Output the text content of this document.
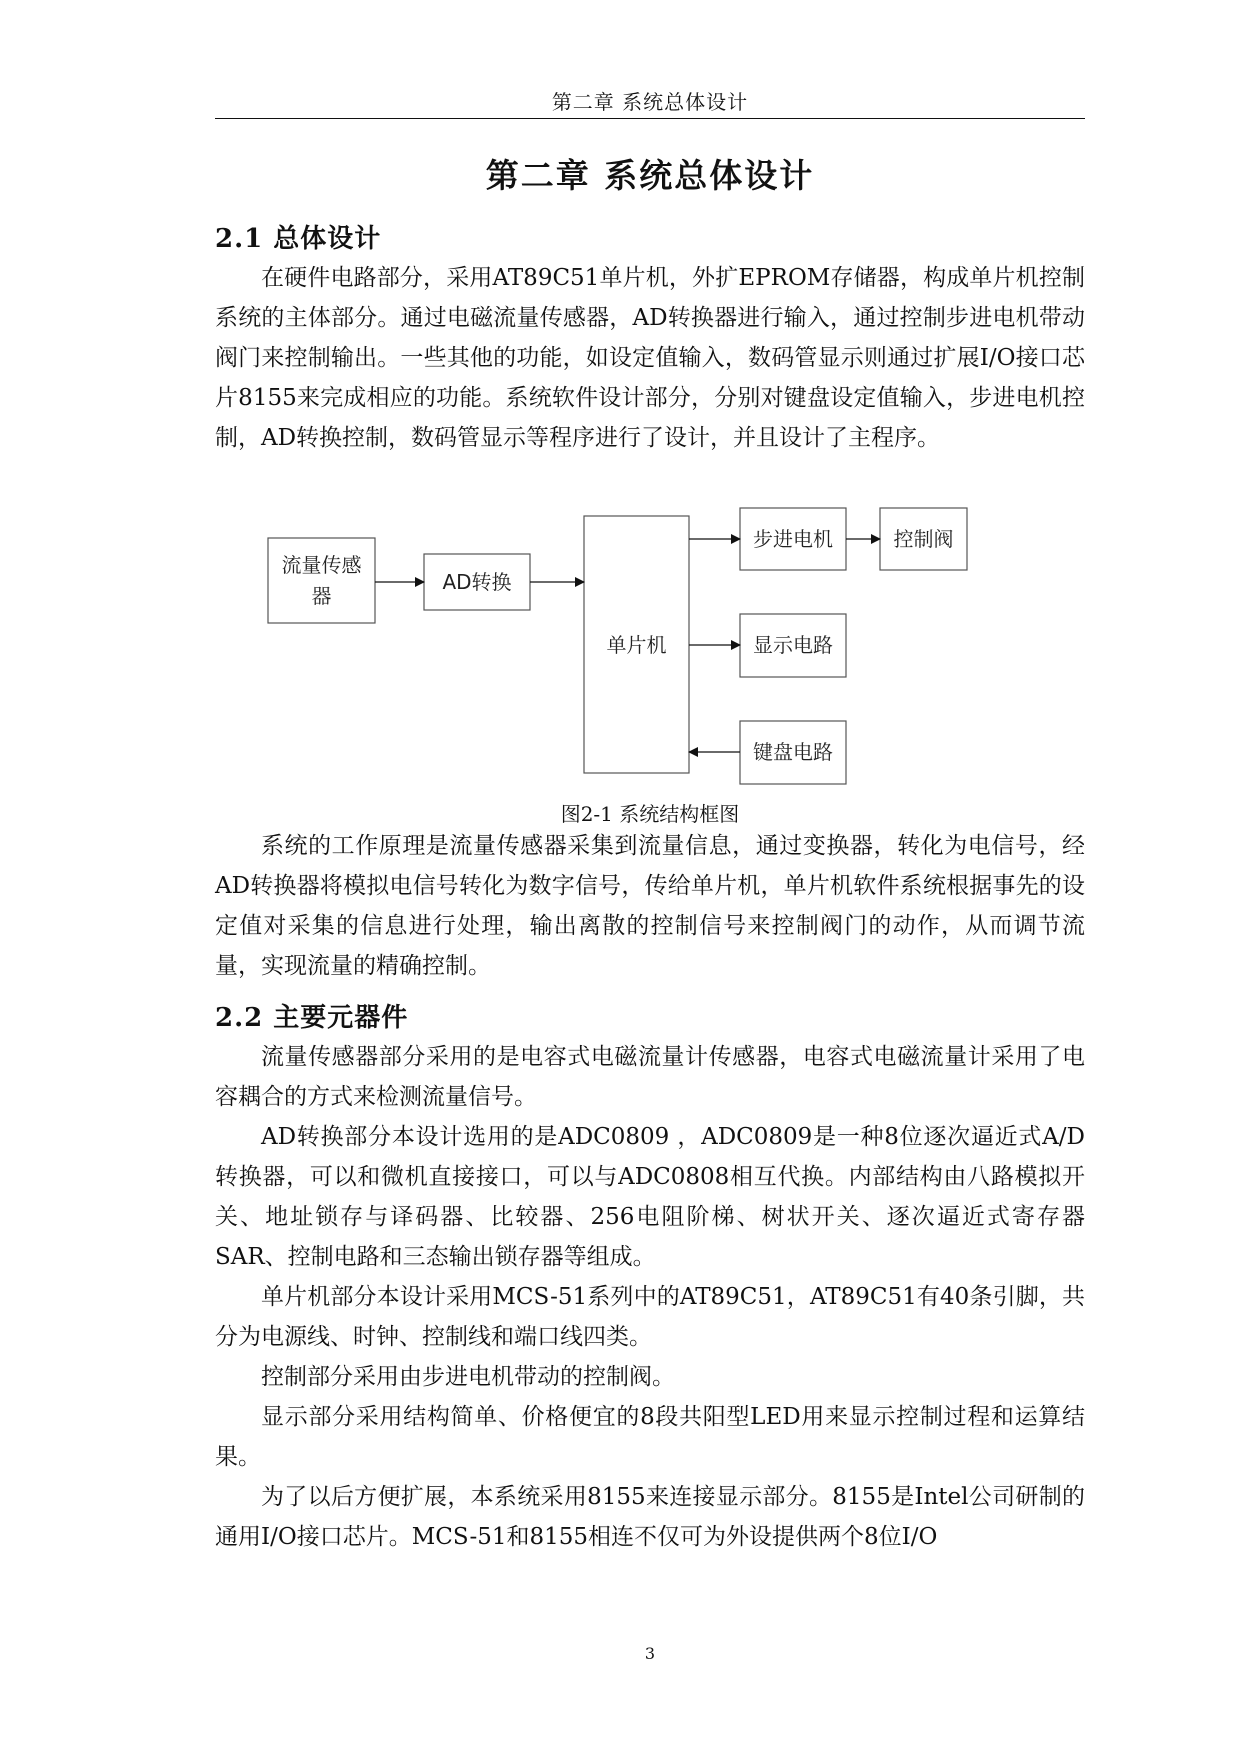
第二章 系统总体设计
第二章 系统总体设计
2.1 总体设计

在硬件电路部分，采用AT89C51单片机，外扩EPROM存储器，构成单片机控制系统的主体部分。通过电磁流量传感器，AD转换器进行输入，通过控制步进电机带动阀门来控制输出。一些其他的功能，如设定值输入，数码管显示则通过扩展I/O接口芯片8155来完成相应的功能。系统软件设计部分，分别对键盘设定值输入，步进电机控制，AD转换控制，数码管显示等程序进行了设计，并且设计了主程序。

流量传感
器
AD转换
单片机
步进电机	控制阀
显示电路
键盘电路
图2-1 系统结构框图

系统的工作原理是流量传感器采集到流量信息，通过变换器，转化为电信号，经AD转换器将模拟电信号转化为数字信号，传给单片机，单片机软件系统根据事先的设定值对采集的信息进行处理，输出离散的控制信号来控制阀门的动作，从而调节流量，实现流量的精确控制。

2.2 主要元器件

流量传感器部分采用的是电容式电磁流量计传感器，电容式电磁流量计采用了电容耦合的方式来检测流量信号。

AD转换部分本设计选用的是ADC0809 ，ADC0809是一种8位逐次逼近式A/D转换器，可以和微机直接接口，可以与ADC0808相互代换。内部结构由八路模拟开关、地址锁存与译码器、比较器、256电阻阶梯、树状开关、逐次逼近式寄存器SAR、控制电路和三态输出锁存器等组成。

单片机部分本设计采用MCS-51系列中的AT89C51，AT89C51有40条引脚，共分为电源线、时钟、控制线和端口线四类。

控制部分采用由步进电机带动的控制阀。

显示部分采用结构简单、价格便宜的8段共阳型LED用来显示控制过程和运算结果。

为了以后方便扩展，本系统采用8155来连接显示部分。8155是Intel公司研制的通用I/O接口芯片。MCS-51和8155相连不仅可为外设提供两个8位I/O

3
